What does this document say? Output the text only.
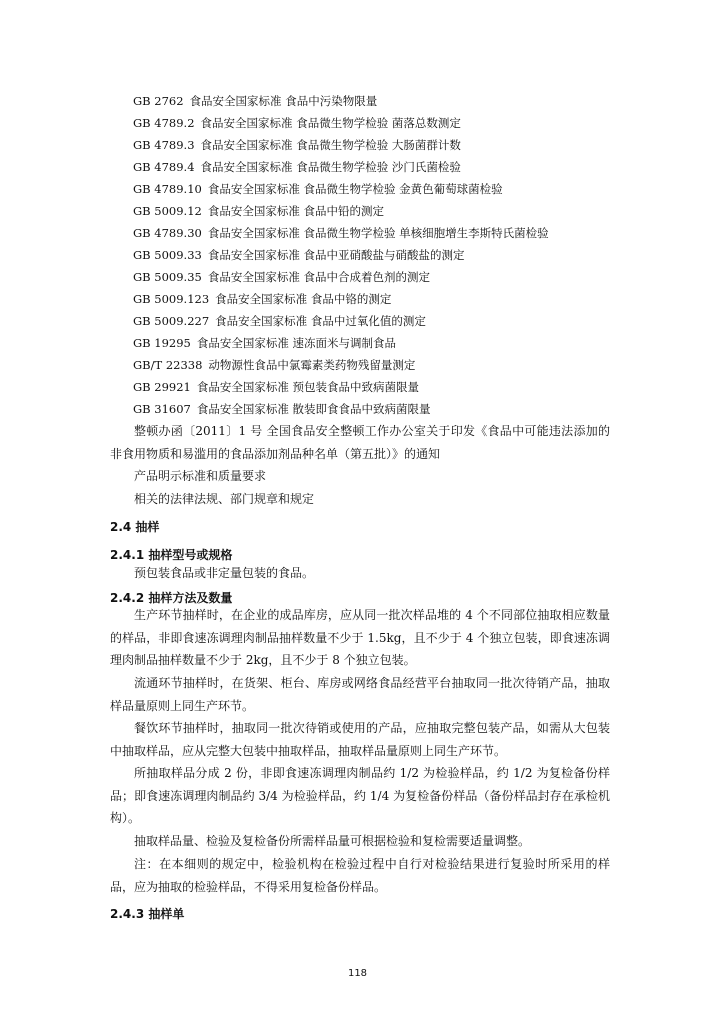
GB 2762 食品安全国家标准 食品中污染物限量
GB 4789.2 食品安全国家标准 食品微生物学检验 菌落总数测定
GB 4789.3 食品安全国家标准 食品微生物学检验 大肠菌群计数
GB 4789.4 食品安全国家标准 食品微生物学检验 沙门氏菌检验
GB 4789.10 食品安全国家标准 食品微生物学检验 金黄色葡萄球菌检验
GB 5009.12 食品安全国家标准 食品中铅的测定
GB 4789.30 食品安全国家标准 食品微生物学检验 单核细胞增生李斯特氏菌检验
GB 5009.33 食品安全国家标准 食品中亚硝酸盐与硝酸盐的测定
GB 5009.35 食品安全国家标准 食品中合成着色剂的测定
GB 5009.123 食品安全国家标准 食品中铬的测定
GB 5009.227 食品安全国家标准 食品中过氧化值的测定
GB 19295 食品安全国家标准 速冻面米与调制食品
GB/T 22338 动物源性食品中氯霉素类药物残留量测定
GB 29921 食品安全国家标准 预包装食品中致病菌限量
GB 31607 食品安全国家标准 散装即食食品中致病菌限量
整顿办函〔2011〕1 号 全国食品安全整顿工作办公室关于印发《食品中可能违法添加的非食用物质和易滥用的食品添加剂品种名单（第五批）》的通知
产品明示标准和质量要求
相关的法律法规、部门规章和规定
2.4 抽样
2.4.1 抽样型号或规格
预包装食品或非定量包装的食品。
2.4.2 抽样方法及数量
生产环节抽样时，在企业的成品库房，应从同一批次样品堆的 4 个不同部位抽取相应数量的样品，非即食速冻调理肉制品抽样数量不少于 1.5kg，且不少于 4 个独立包装，即食速冻调理肉制品抽样数量不少于 2kg，且不少于 8 个独立包装。
流通环节抽样时，在货架、柜台、库房或网络食品经营平台抽取同一批次待销产品，抽取样品量原则上同生产环节。
餐饮环节抽样时，抽取同一批次待销或使用的产品，应抽取完整包装产品，如需从大包装中抽取样品，应从完整大包装中抽取样品，抽取样品量原则上同生产环节。
所抽取样品分成 2 份，非即食速冻调理肉制品约 1/2 为检验样品，约 1/2 为复检备份样品；即食速冻调理肉制品约 3/4 为检验样品，约 1/4 为复检备份样品（备份样品封存在承检机构）。
抽取样品量、检验及复检备份所需样品量可根据检验和复检需要适量调整。
注：在本细则的规定中，检验机构在检验过程中自行对检验结果进行复验时所采用的样品，应为抽取的检验样品，不得采用复检备份样品。
2.4.3 抽样单
118
